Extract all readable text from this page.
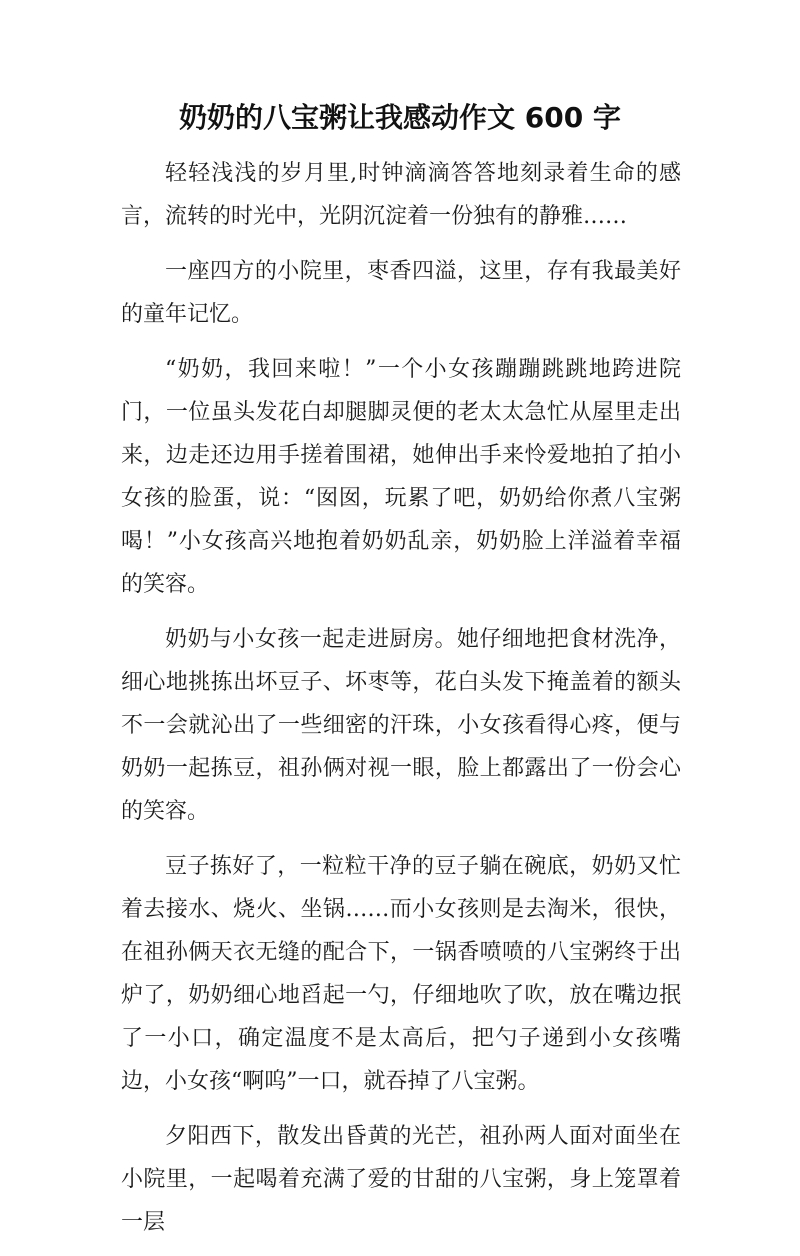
奶奶的八宝粥让我感动作文 600 字

轻轻浅浅的岁月里,时钟滴滴答答地刻录着生命的感言，流转的时光中，光阴沉淀着一份独有的静雅……

一座四方的小院里，枣香四溢，这里，存有我最美好的童年记忆。

“奶奶，我回来啦！”一个小女孩蹦蹦跳跳地跨进院门，一位虽头发花白却腿脚灵便的老太太急忙从屋里走出来，边走还边用手搓着围裙，她伸出手来怜爱地拍了拍小女孩的脸蛋，说：“囡囡，玩累了吧，奶奶给你煮八宝粥喝！”小女孩高兴地抱着奶奶乱亲，奶奶脸上洋溢着幸福的笑容。

奶奶与小女孩一起走进厨房。她仔细地把食材洗净，细心地挑拣出坏豆子、坏枣等，花白头发下掩盖着的额头不一会就沁出了一些细密的汗珠，小女孩看得心疼，便与奶奶一起拣豆，祖孙俩对视一眼，脸上都露出了一份会心的笑容。

豆子拣好了，一粒粒干净的豆子躺在碗底，奶奶又忙着去接水、烧火、坐锅……而小女孩则是去淘米，很快，在祖孙俩天衣无缝的配合下，一锅香喷喷的八宝粥终于出炉了，奶奶细心地舀起一勺，仔细地吹了吹，放在嘴边抿了一小口，确定温度不是太高后，把勺子递到小女孩嘴边，小女孩“啊呜”一口，就吞掉了八宝粥。

夕阳西下，散发出昏黄的光芒，祖孙两人面对面坐在小院里，一起喝着充满了爱的甘甜的八宝粥，身上笼罩着一层
